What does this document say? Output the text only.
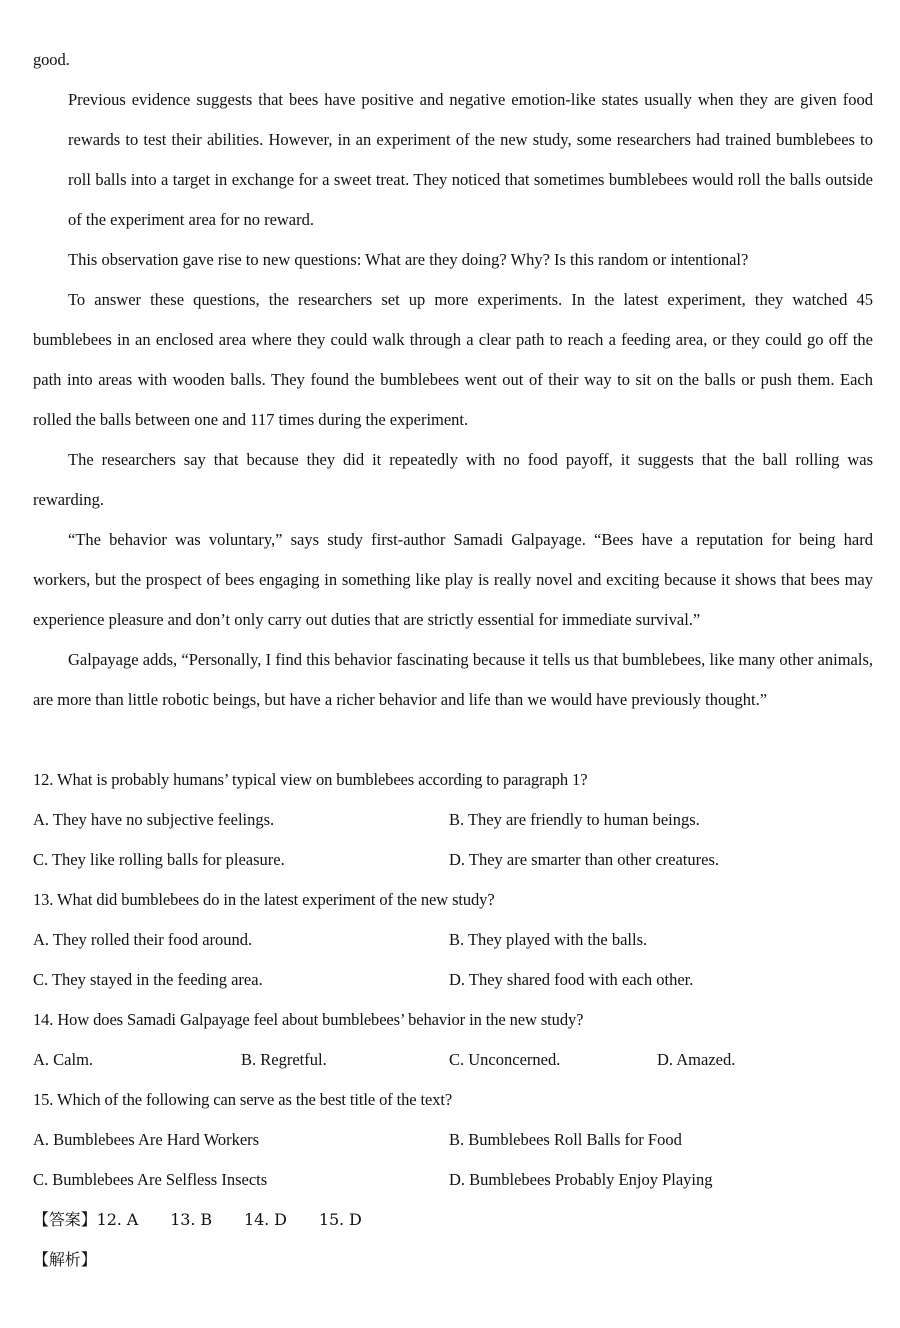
good.

Previous evidence suggests that bees have positive and negative emotion-like states usually when they are given food rewards to test their abilities. However, in an experiment of the new study, some researchers had trained bumblebees to roll balls into a target in exchange for a sweet treat. They noticed that sometimes bumblebees would roll the balls outside of the experiment area for no reward.

This observation gave rise to new questions: What are they doing? Why? Is this random or intentional?

To answer these questions, the researchers set up more experiments. In the latest experiment, they watched 45 bumblebees in an enclosed area where they could walk through a clear path to reach a feeding area, or they could go off the path into areas with wooden balls. They found the bumblebees went out of their way to sit on the balls or push them. Each rolled the balls between one and 117 times during the experiment.

The researchers say that because they did it repeatedly with no food payoff, it suggests that the ball rolling was rewarding.

“The behavior was voluntary,” says study first-author Samadi Galpayage. “Bees have a reputation for being hard workers, but the prospect of bees engaging in something like play is really novel and exciting because it shows that bees may experience pleasure and don’t only carry out duties that are strictly essential for immediate survival.”

Galpayage adds, “Personally, I find this behavior fascinating because it tells us that bumblebees, like many other animals, are more than little robotic beings, but have a richer behavior and life than we would have previously thought.”

12. What is probably humans’ typical view on bumblebees according to paragraph 1?
A. They have no subjective feelings.	B. They are friendly to human beings.
C. They like rolling balls for pleasure.	D. They are smarter than other creatures.
13. What did bumblebees do in the latest experiment of the new study?
A. They rolled their food around.	B. They played with the balls.
C. They stayed in the feeding area.	D. They shared food with each other.
14. How does Samadi Galpayage feel about bumblebees’ behavior in the new study?
A. Calm.	B. Regretful.	C. Unconcerned.	D. Amazed.
15. Which of the following can serve as the best title of the text?
A. Bumblebees Are Hard Workers	B. Bumblebees Roll Balls for Food
C. Bumblebees Are Selfless Insects	D. Bumblebees Probably Enjoy Playing
【答案】12. A 13. B 14. D 15. D
【解析】
